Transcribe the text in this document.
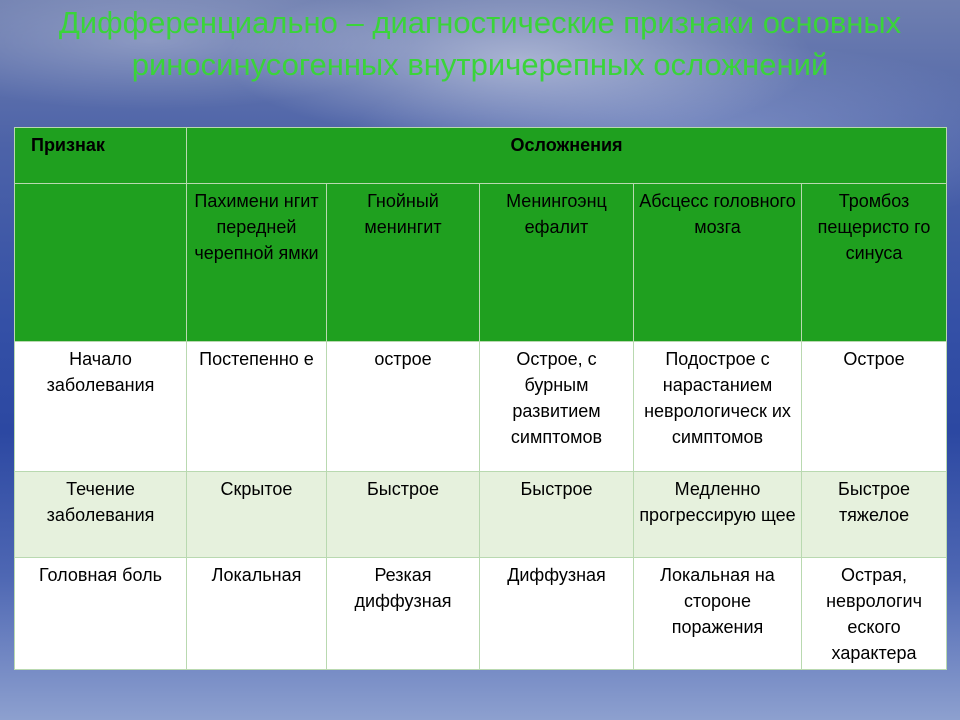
Дифференциально – диагностические признаки основных риносинусогенных внутричерепных осложнений
Признак	Осложнения				
	Пахимени нгит передней черепной ямки	Гнойный менингит	Менингоэнц ефалит	Абсцесс головного мозга	Тромбоз пещеристо го синуса
Начало заболевания	Постепенно е	острое	Острое, с бурным развитием симптомов	Подострое с нарастанием неврологическ их симптомов	Острое
Течение заболевания	Скрытое	Быстрое	Быстрое	Медленно прогрессирую щее	Быстрое тяжелое
Головная боль	Локальная	Резкая диффузная	Диффузная	Локальная на стороне поражения	Острая, неврологич еского характера
